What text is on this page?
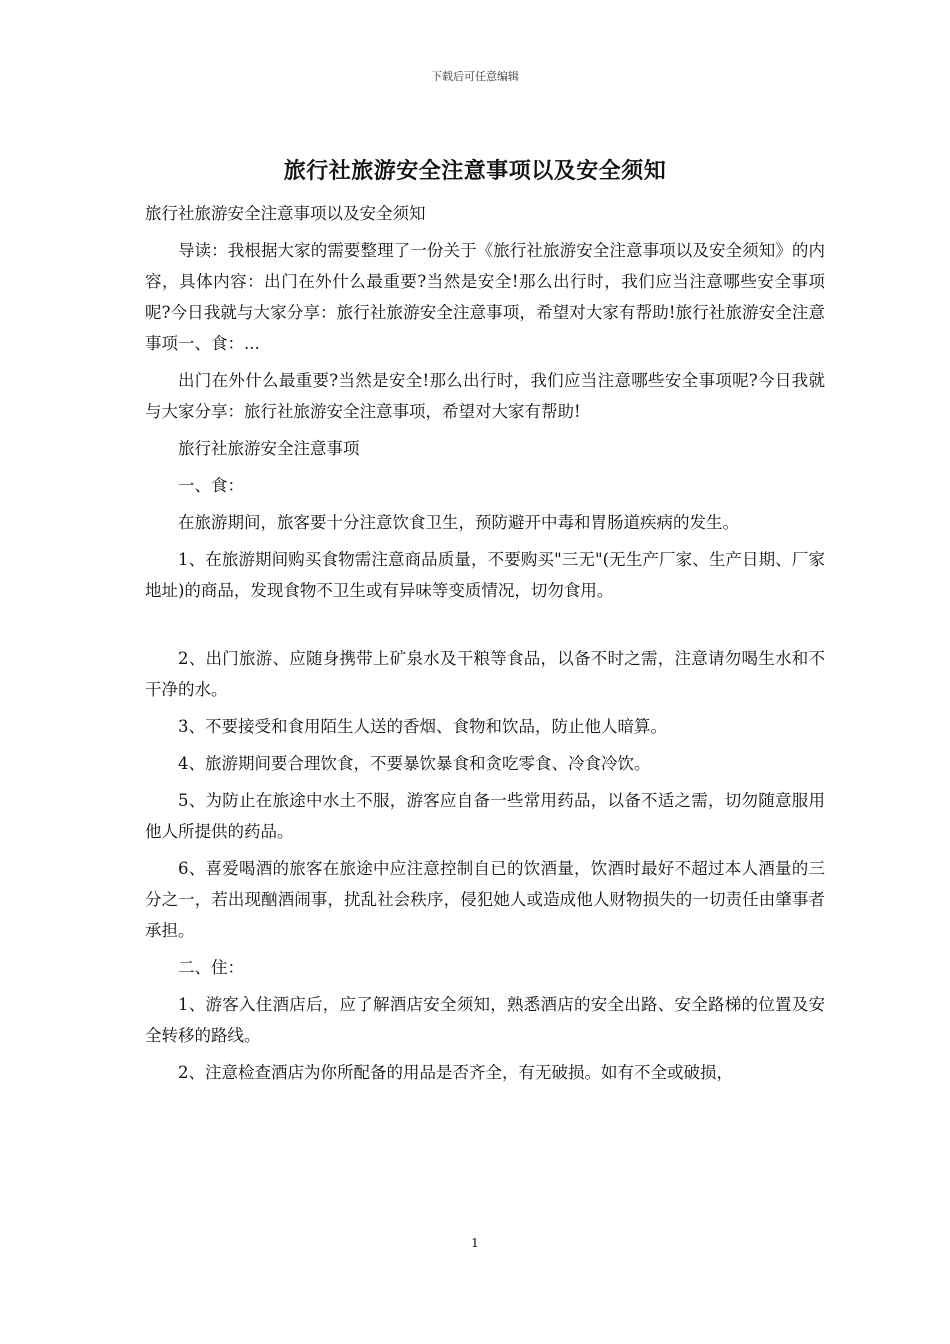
下载后可任意编辑
旅行社旅游安全注意事项以及安全须知

旅行社旅游安全注意事项以及安全须知

导读：我根据大家的需要整理了一份关于《旅行社旅游安全注意事项以及安全须知》的内容，具体内容：出门在外什么最重要?当然是安全!那么出行时，我们应当注意哪些安全事项呢?今日我就与大家分享：旅行社旅游安全注意事项，希望对大家有帮助!旅行社旅游安全注意事项一、食：...

出门在外什么最重要?当然是安全!那么出行时，我们应当注意哪些安全事项呢?今日我就与大家分享：旅行社旅游安全注意事项，希望对大家有帮助!

旅行社旅游安全注意事项

一、食：

在旅游期间，旅客要十分注意饮食卫生，预防避开中毒和胃肠道疾病的发生。

1、在旅游期间购买食物需注意商品质量，不要购买"三无"(无生产厂家、生产日期、厂家地址)的商品，发现食物不卫生或有异味等变质情况，切勿食用。

2、出门旅游、应随身携带上矿泉水及干粮等食品，以备不时之需，注意请勿喝生水和不干净的水。

3、不要接受和食用陌生人送的香烟、食物和饮品，防止他人暗算。

4、旅游期间要合理饮食，不要暴饮暴食和贪吃零食、冷食冷饮。

5、为防止在旅途中水土不服，游客应自备一些常用药品，以备不适之需，切勿随意服用他人所提供的药品。

6、喜爱喝酒的旅客在旅途中应注意控制自已的饮酒量，饮酒时最好不超过本人酒量的三分之一，若出现酗酒闹事，扰乱社会秩序，侵犯她人或造成他人财物损失的一切责任由肇事者承担。

二、住：

1、游客入住酒店后，应了解酒店安全须知，熟悉酒店的安全出路、安全路梯的位置及安全转移的路线。

2、注意检查酒店为你所配备的用品是否齐全，有无破损。如有不全或破损，

1
